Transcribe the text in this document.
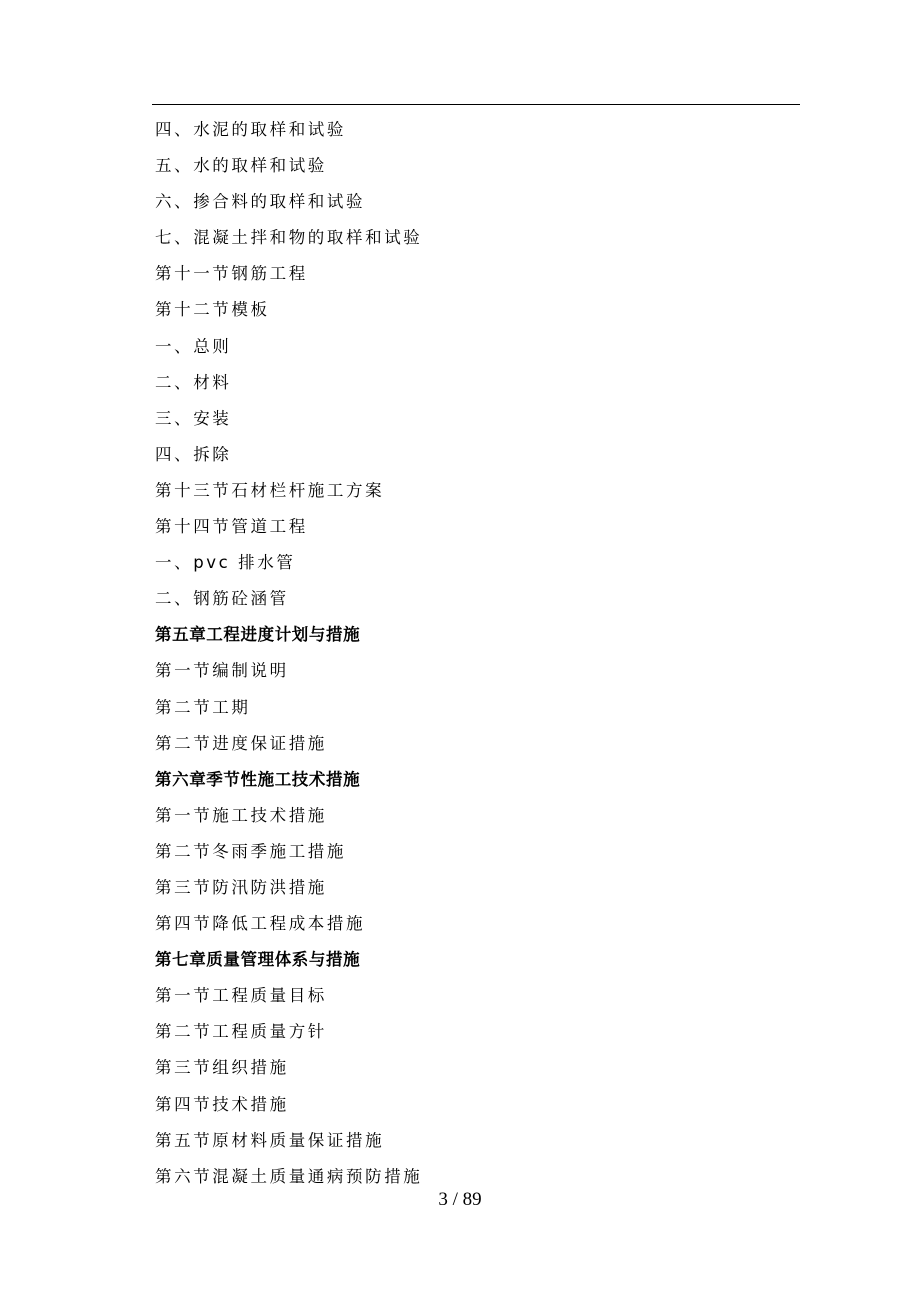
四、水泥的取样和试验
五、水的取样和试验
六、掺合料的取样和试验
七、混凝土拌和物的取样和试验
第十一节钢筋工程
第十二节模板
一、总则
二、材料
三、安装
四、拆除
第十三节石材栏杆施工方案
第十四节管道工程
一、pvc 排水管
二、钢筋砼涵管
第五章工程进度计划与措施
第一节编制说明
第二节工期
第二节进度保证措施
第六章季节性施工技术措施
第一节施工技术措施
第二节冬雨季施工措施
第三节防汛防洪措施
第四节降低工程成本措施
第七章质量管理体系与措施
第一节工程质量目标
第二节工程质量方针
第三节组织措施
第四节技术措施
第五节原材料质量保证措施
第六节混凝土质量通病预防措施
3 / 89
